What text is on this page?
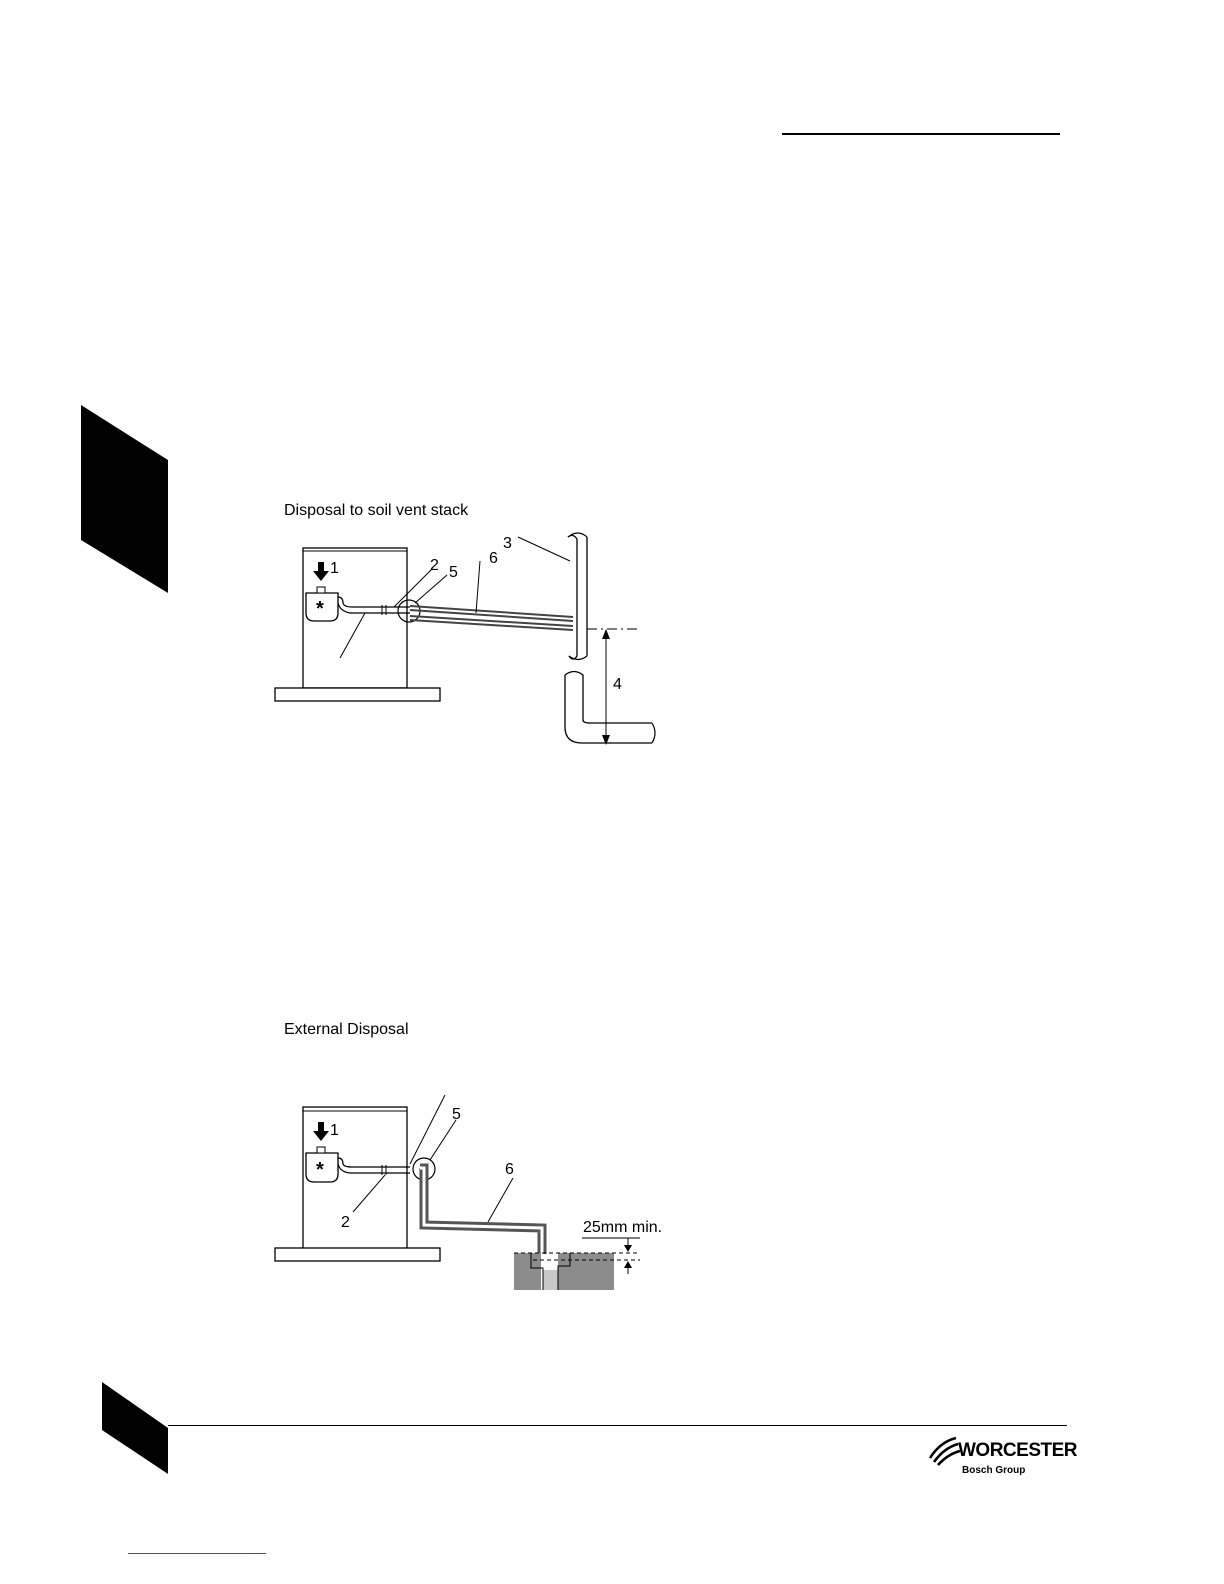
Disposal to soil vent stack
1
*
2 5
6
3
4
External Disposal
1
*
2
5
6
25mm min.
WORCESTER
Bosch Group
